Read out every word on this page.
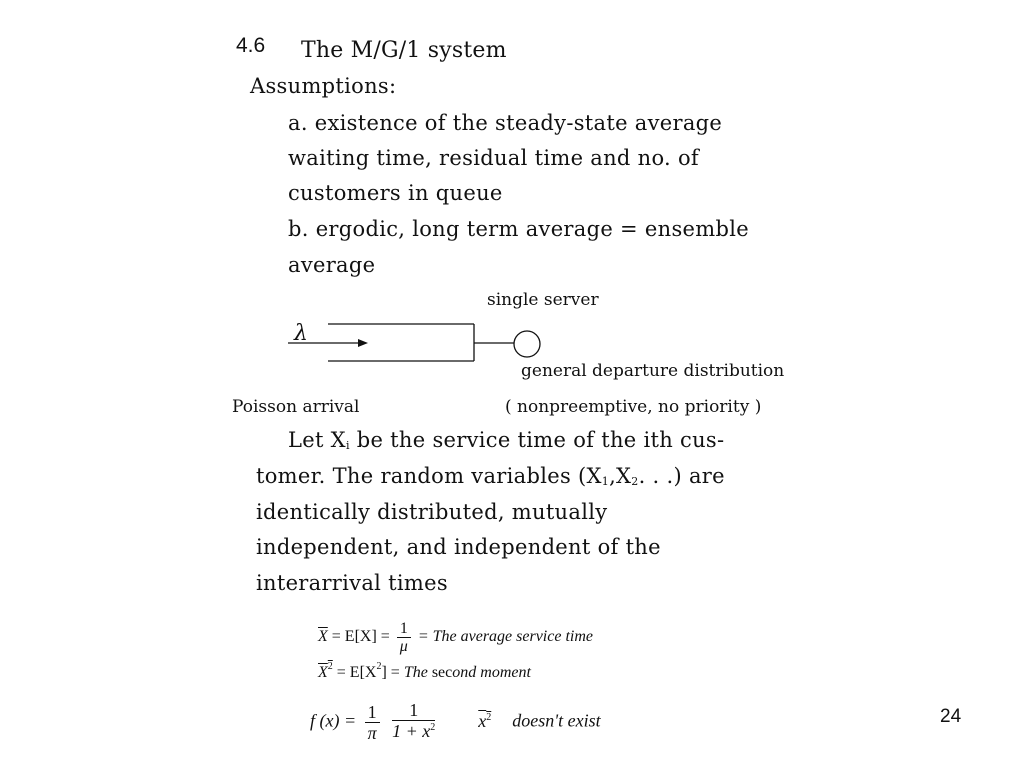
4.6 The M/G/1 system
Assumptions:
a. existence of the steady-state average
waiting time, residual time and no. of
customers in queue
b. ergodic, long term average = ensemble
average
single server
λ
general departure distribution
Poisson arrival	( nonpreemptive, no priority )
Let Xi be the service time of the ith cus-
tomer. The random variables (X1,X2. . .) are
identically distributed, mutually
independent, and independent of the
interarrival times
$\overline{X} = E[X] = \frac{1}{\mu}$ = The average service time
$X^2 = E[X^2]$ = The second moment
f $(x) = \frac{1}{\pi}$
$\frac{1}{1 + x^2} x^2$ doesn't exist	24
